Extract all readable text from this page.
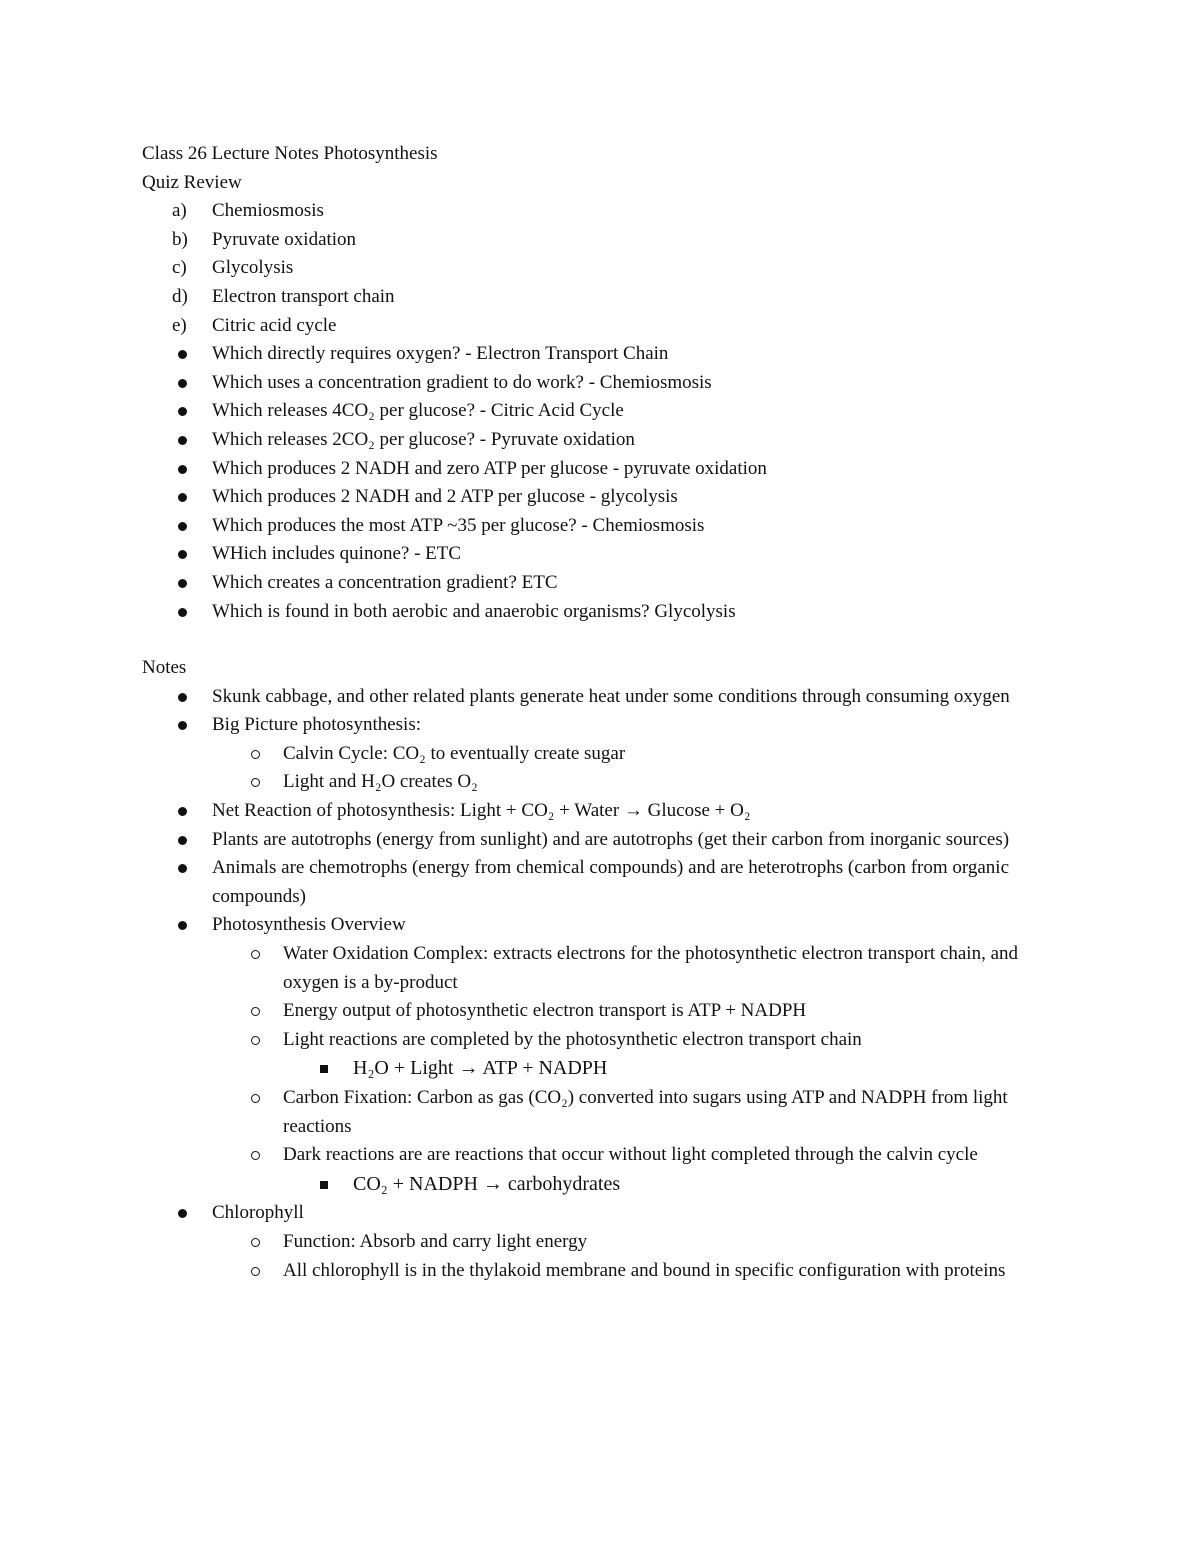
Class 26 Lecture Notes Photosynthesis

Quiz Review

a) Chemiosmosis
b) Pyruvate oxidation
c) Glycolysis
d) Electron transport chain
e) Citric acid cycle
Which directly requires oxygen? - Electron Transport Chain
Which uses a concentration gradient to do work? - Chemiosmosis
Which releases 4CO₂ per glucose? - Citric Acid Cycle
Which releases 2CO₂ per glucose? - Pyruvate oxidation
Which produces 2 NADH and zero ATP per glucose - pyruvate oxidation
Which produces 2 NADH and 2 ATP per glucose - glycolysis
Which produces the most ATP ~35 per glucose? - Chemiosmosis
WHich includes quinone? - ETC
Which creates a concentration gradient? ETC
Which is found in both aerobic and anaerobic organisms? Glycolysis

Notes

Skunk cabbage, and other related plants generate heat under some conditions through consuming oxygen
Big Picture photosynthesis:
Calvin Cycle: CO₂ to eventually create sugar
Light and H₂O creates O₂
Net Reaction of photosynthesis: Light + CO₂ + Water → Glucose + O₂
Plants are autotrophs (energy from sunlight) and are autotrophs (get their carbon from inorganic sources)
Animals are chemotrophs (energy from chemical compounds) and are heterotrophs (carbon from organic compounds)
Photosynthesis Overview
Water Oxidation Complex: extracts electrons for the photosynthetic electron transport chain, and oxygen is a by-product
Energy output of photosynthetic electron transport is ATP + NADPH
Light reactions are completed by the photosynthetic electron transport chain
H₂O + Light → ATP + NADPH
Carbon Fixation: Carbon as gas (CO₂) converted into sugars using ATP and NADPH from light reactions
Dark reactions are are reactions that occur without light completed through the calvin cycle
CO₂ + NADPH → carbohydrates
Chlorophyll
Function: Absorb and carry light energy
All chlorophyll is in the thylakoid membrane and bound in specific configuration with proteins
